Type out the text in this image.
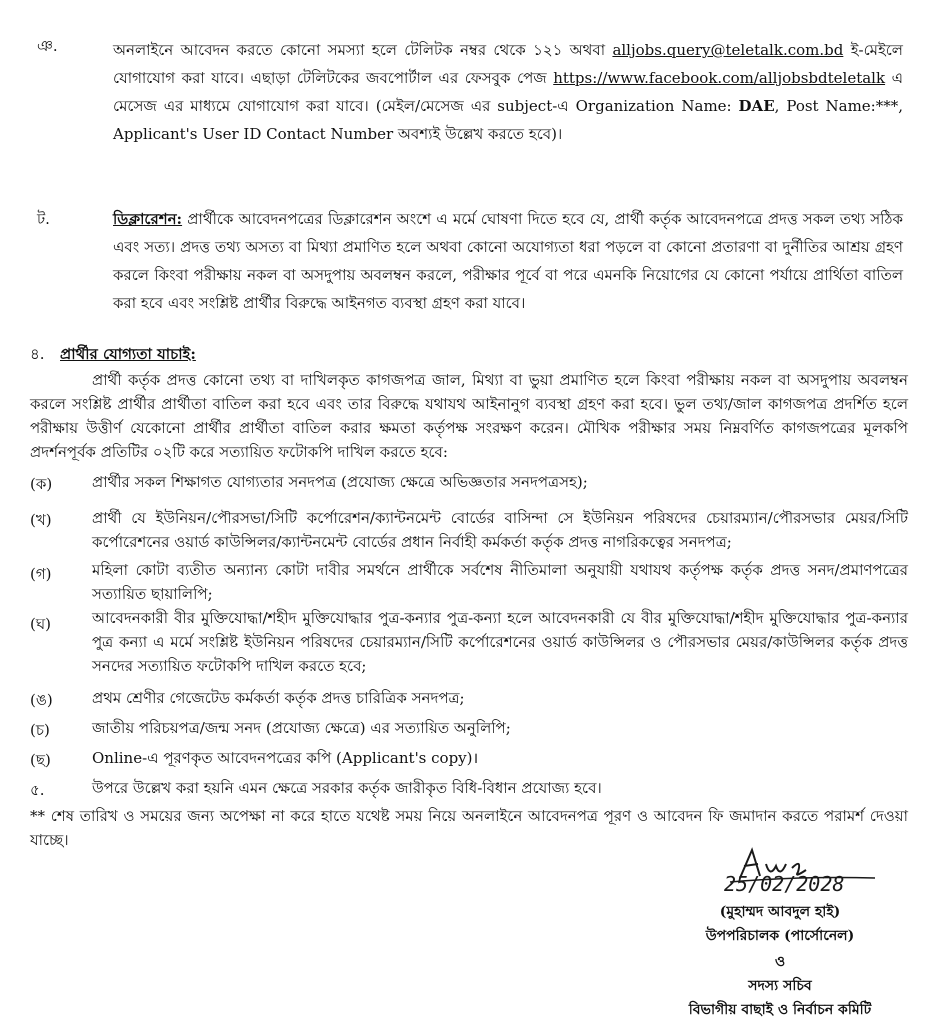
ঞ.	অনলাইনে আবেদন করতে কোনো সমস্যা হলে টেলিটক নম্বর থেকে ১২১ অথবা alljobs.query@teletalk.com.bd ই-মেইলে যোগাযোগ করা যাবে। এছাড়া টেলিটকের জবপোর্টাল এর ফেসবুক পেজ https://www.facebook.com/alljobsbdteletalk এ মেসেজ এর মাধ্যমে যোগাযোগ করা যাবে। (মেইল/মেসেজ এর subject-এ Organization Name: DAE, Post Name:***, Applicant's User ID Contact Number অবশ্যই উল্লেখ করতে হবে)।
ট.	ডিক্লারেশন: প্রার্থীকে আবেদনপত্রের ডিক্লারেশন অংশে এ মর্মে ঘোষণা দিতে হবে যে, প্রার্থী কর্তৃক আবেদনপত্রে প্রদত্ত সকল তথ্য সঠিক এবং সত্য। প্রদত্ত তথ্য অসত্য বা মিথ্যা প্রমাণিত হলে অথবা কোনো অযোগ্যতা ধরা পড়লে বা কোনো প্রতারণা বা দুর্নীতির আশ্রয় গ্রহণ করলে কিংবা পরীক্ষায় নকল বা অসদুপায় অবলম্বন করলে, পরীক্ষার পূর্বে বা পরে এমনকি নিয়োগের যে কোনো পর্যায়ে প্রার্থিতা বাতিল করা হবে এবং সংশ্লিষ্ট প্রার্থীর বিরুদ্ধে আইনগত ব্যবস্থা গ্রহণ করা যাবে।
৪. প্রার্থীর যোগ্যতা যাচাই:
প্রার্থী কর্তৃক প্রদত্ত কোনো তথ্য বা দাখিলকৃত কাগজপত্র জাল, মিথ্যা বা ভুয়া প্রমাণিত হলে কিংবা পরীক্ষায় নকল বা অসদুপায় অবলম্বন করলে সংশ্লিষ্ট প্রার্থীর প্রার্থীতা বাতিল করা হবে এবং তার বিরুদ্ধে যথাযথ আইনানুগ ব্যবস্থা গ্রহণ করা হবে। ভুল তথ্য/জাল কাগজপত্র প্রদর্শিত হলে পরীক্ষায় উত্তীর্ণ যেকোনো প্রার্থীর প্রার্থীতা বাতিল করার ক্ষমতা কর্তৃপক্ষ সংরক্ষণ করেন। মৌখিক পরীক্ষার সময় নিম্নবর্ণিত কাগজপত্রের মূলকপি প্রদর্শনপূর্বক প্রতিটির ০২টি করে সত্যায়িত ফটোকপি দাখিল করতে হবে:
(ক)	প্রার্থীর সকল শিক্ষাগত যোগ্যতার সনদপত্র (প্রযোজ্য ক্ষেত্রে অভিজ্ঞতার সনদপত্রসহ);
(খ)	প্রার্থী যে ইউনিয়ন/পৌরসভা/সিটি কর্পোরেশন/ক্যান্টনমেন্ট বোর্ডের বাসিন্দা সে ইউনিয়ন পরিষদের চেয়ারম্যান/পৌরসভার মেয়র/সিটি কর্পোরেশনের ওয়ার্ড কাউন্সিলর/ক্যান্টনমেন্ট বোর্ডের প্রধান নির্বাহী কর্মকর্তা কর্তৃক প্রদত্ত নাগরিকত্বের সনদপত্র;
(গ)	মহিলা কোটা ব্যতীত অন্যান্য কোটা দাবীর সমর্থনে প্রার্থীকে সর্বশেষ নীতিমালা অনুযায়ী যথাযথ কর্তৃপক্ষ কর্তৃক প্রদত্ত সনদ/প্রমাণপত্রের সত্যায়িত ছায়ালিপি;
(ঘ)	আবেদনকারী বীর মুক্তিযোদ্ধা/শহীদ মুক্তিযোদ্ধার পুত্র-কন্যার পুত্র-কন্যা হলে আবেদনকারী যে বীর মুক্তিযোদ্ধা/শহীদ মুক্তিযোদ্ধার পুত্র-কন্যার পুত্র কন্যা এ মর্মে সংশ্লিষ্ট ইউনিয়ন পরিষদের চেয়ারম্যান/সিটি কর্পোরেশনের ওয়ার্ড কাউন্সিলর ও পৌরসভার মেয়র/কাউন্সিলর কর্তৃক প্রদত্ত সনদের সত্যায়িত ফটোকপি দাখিল করতে হবে;
(ঙ)	প্রথম শ্রেণীর গেজেটেড কর্মকর্তা কর্তৃক প্রদত্ত চারিত্রিক সনদপত্র;
(চ)	জাতীয় পরিচয়পত্র/জন্ম সনদ (প্রযোজ্য ক্ষেত্রে) এর সত্যায়িত অনুলিপি;
(ছ)	Online-এ পূরণকৃত আবেদনপত্রের কপি (Applicant's copy)।
৫.	উপরে উল্লেখ করা হয়নি এমন ক্ষেত্রে সরকার কর্তৃক জারীকৃত বিধি-বিধান প্রযোজ্য হবে।
** শেষ তারিখ ও সময়ের জন্য অপেক্ষা না করে হাতে যথেষ্ট সময় নিয়ে অনলাইনে আবেদনপত্র পূরণ ও আবেদন ফি জমাদান করতে পরামর্শ দেওয়া যাচ্ছে।
25/02/2028
(মুহাম্মদ আবদুল হাই)
উপপরিচালক (পার্সোনেল)
ও
সদস্য সচিব
বিভাগীয় বাছাই ও নির্বাচন কমিটি
